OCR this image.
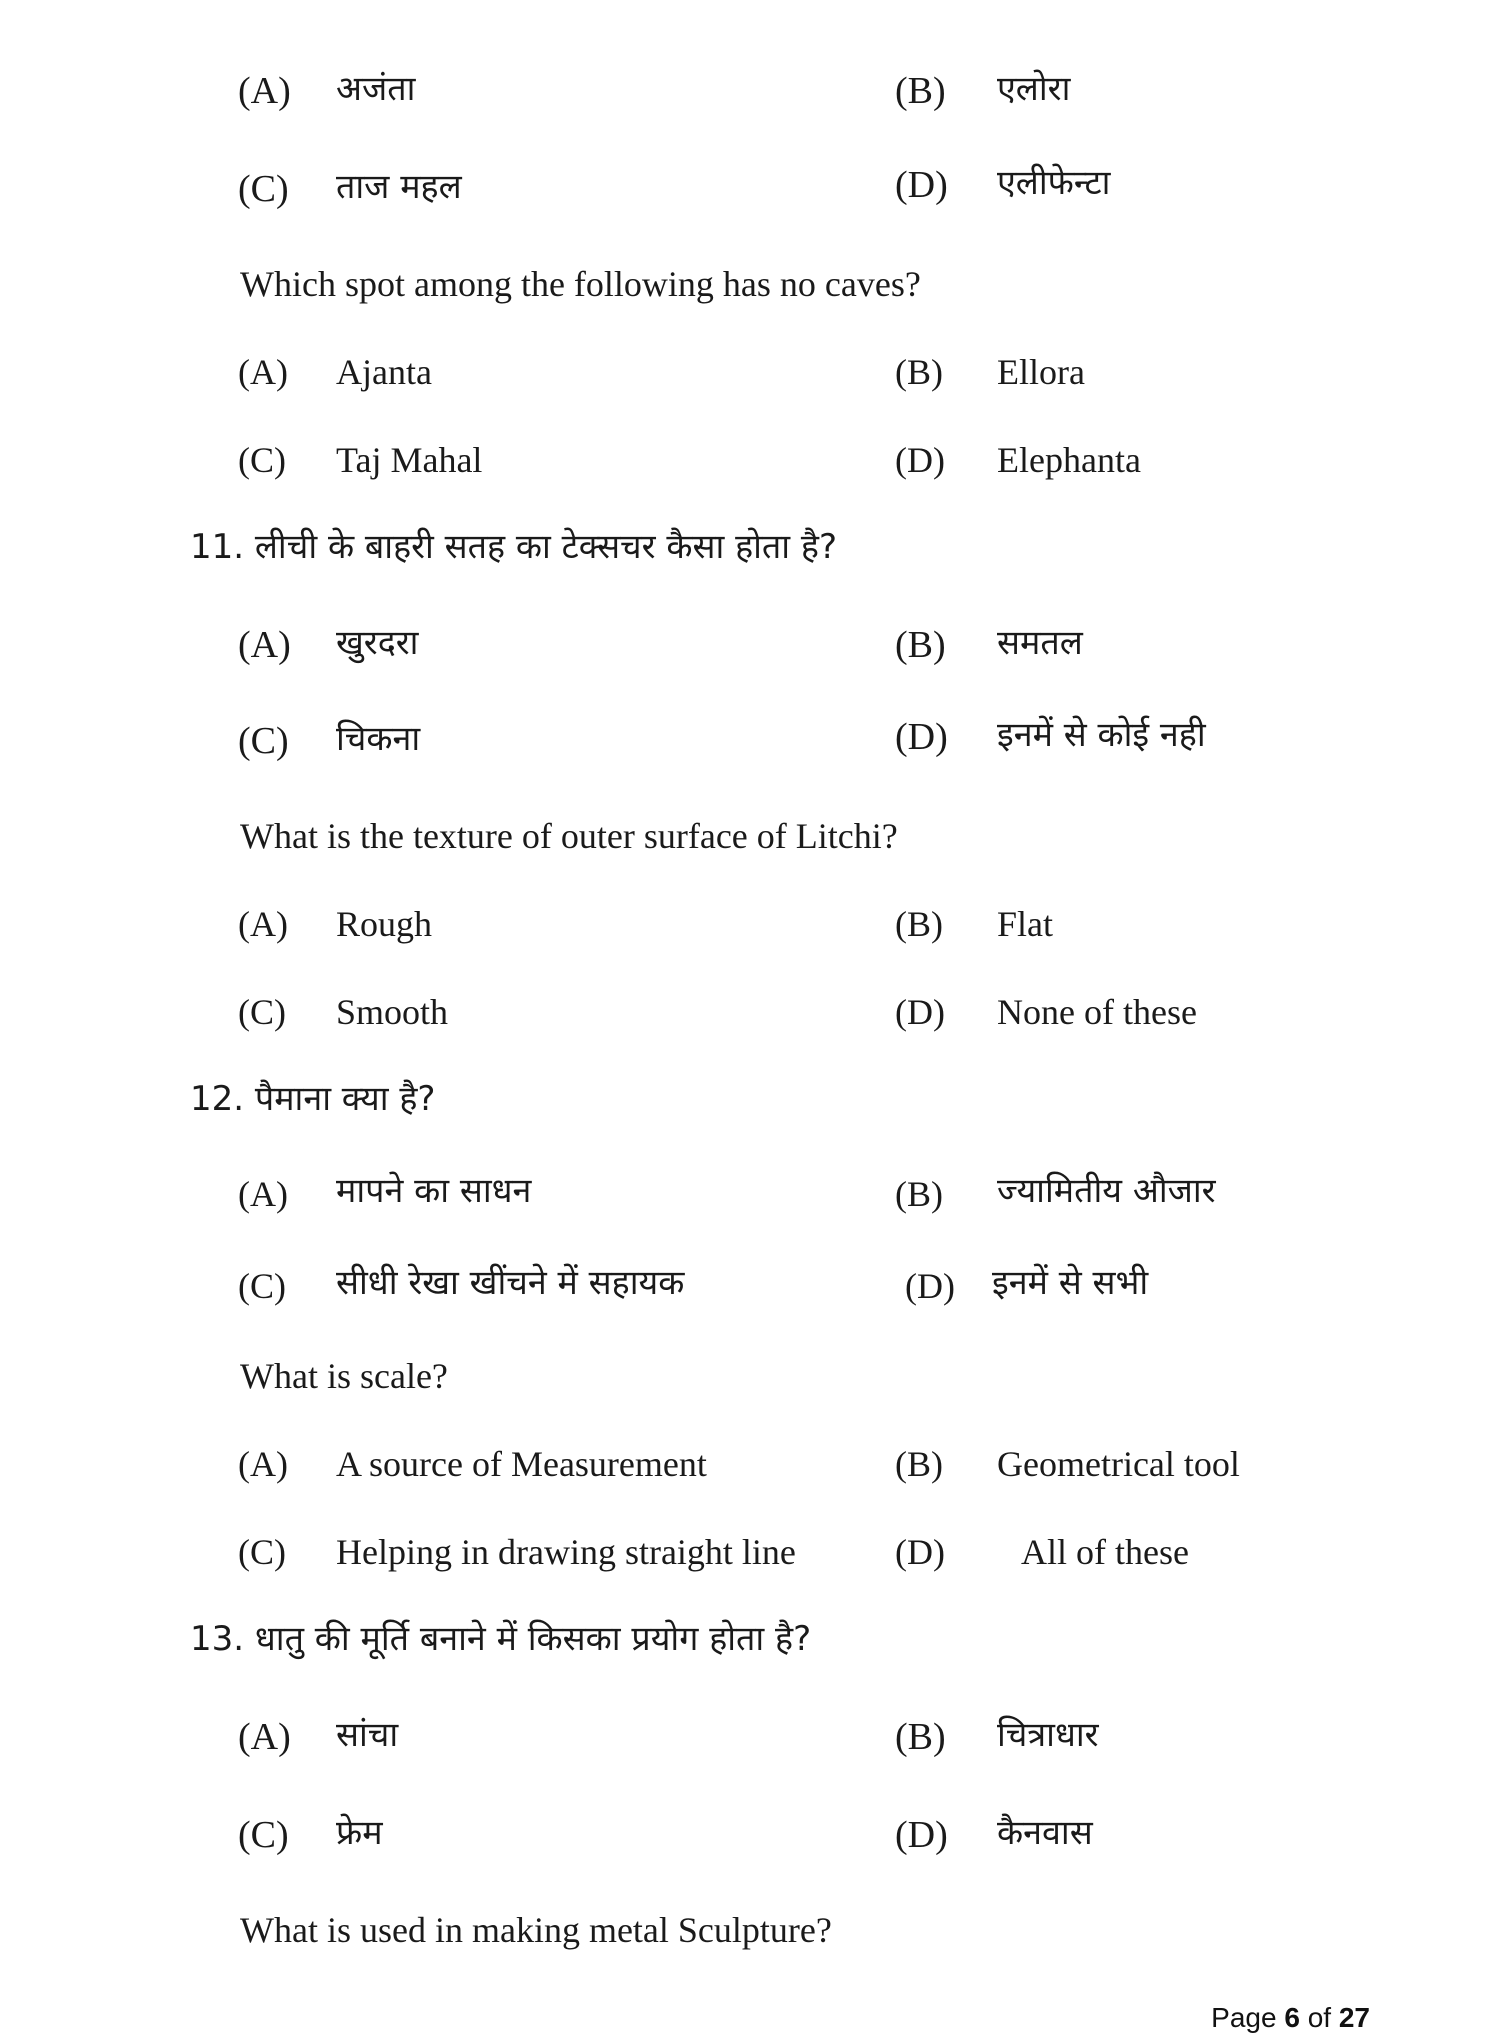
(A) अजंता	(B) एलोरा
(C) ताज महल	(D) एलीफेन्टा
Which spot among the following has no caves?
(A) Ajanta	(B) Ellora
(C) Taj Mahal	(D) Elephanta
11. लीची के बाहरी सतह का टेक्सचर कैसा होता है?
(A) खुरदरा	(B) समतल
(C) चिकना	(D) इनमें से कोई नही
What is the texture of outer surface of Litchi?
(A) Rough	(B) Flat
(C) Smooth	(D) None of these
12. पैमाना क्या है?
(A) मापने का साधन	(B) ज्यामितीय औजार
(C) सीधी रेखा खींचने में सहायक	(D) इनमें से सभी
What is scale?
(A) A source of Measurement	(B) Geometrical tool
(C) Helping in drawing straight line	(D) All of these
13. धातु की मूर्ति बनाने में किसका प्रयोग होता है?
(A) सांचा	(B) चित्राधार
(C) फ्रेम	(D) कैनवास
What is used in making metal Sculpture?
Page 6 of 27
